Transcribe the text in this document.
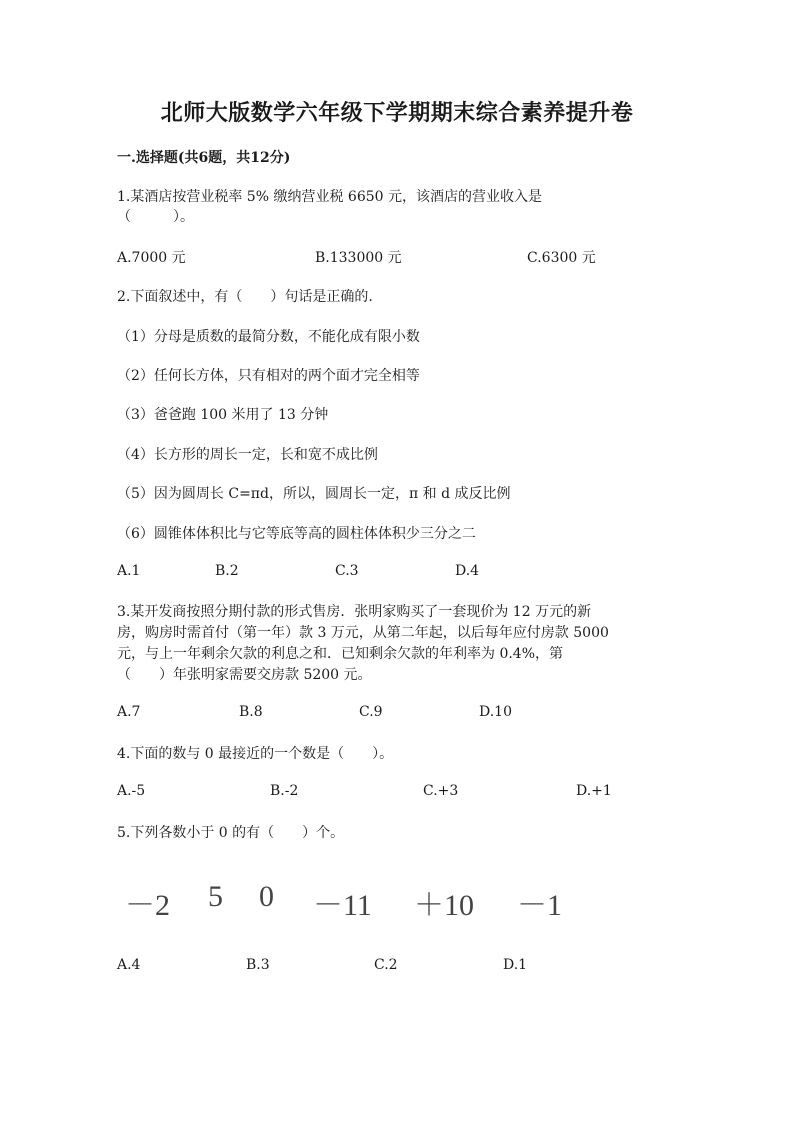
北师大版数学六年级下学期期末综合素养提升卷
一.选择题(共6题，共12分)
1.某酒店按营业税率 5% 缴纳营业税 6650 元，该酒店的营业收入是
（　　　）。
A.7000 元	B.133000 元	C.6300 元
2.下面叙述中，有（　　）句话是正确的.
（1）分母是质数的最简分数，不能化成有限小数
（2）任何长方体，只有相对的两个面才完全相等
（3）爸爸跑 100 米用了 13 分钟
（4）长方形的周长一定，长和宽不成比例
（5）因为圆周长 C=πd，所以，圆周长一定，π 和 d 成反比例
（6）圆锥体体积比与它等底等高的圆柱体体积少三分之二
A.1	B.2	C.3	D.4
3.某开发商按照分期付款的形式售房．张明家购买了一套现价为 12 万元的新
房，购房时需首付（第一年）款 3 万元，从第二年起，以后每年应付房款 5000
元，与上一年剩余欠款的利息之和．已知剩余欠款的年利率为 0.4%，第
（　　）年张明家需要交房款 5200 元。
A.7	B.8	C.9	D.10
4.下面的数与 0 最接近的一个数是（　　）。
A.-5	B.-2	C.+3	D.+1
5.下列各数小于 0 的有（　　）个。
－2 5 0 －11 ＋10 －1
A.4	B.3	C.2	D.1
